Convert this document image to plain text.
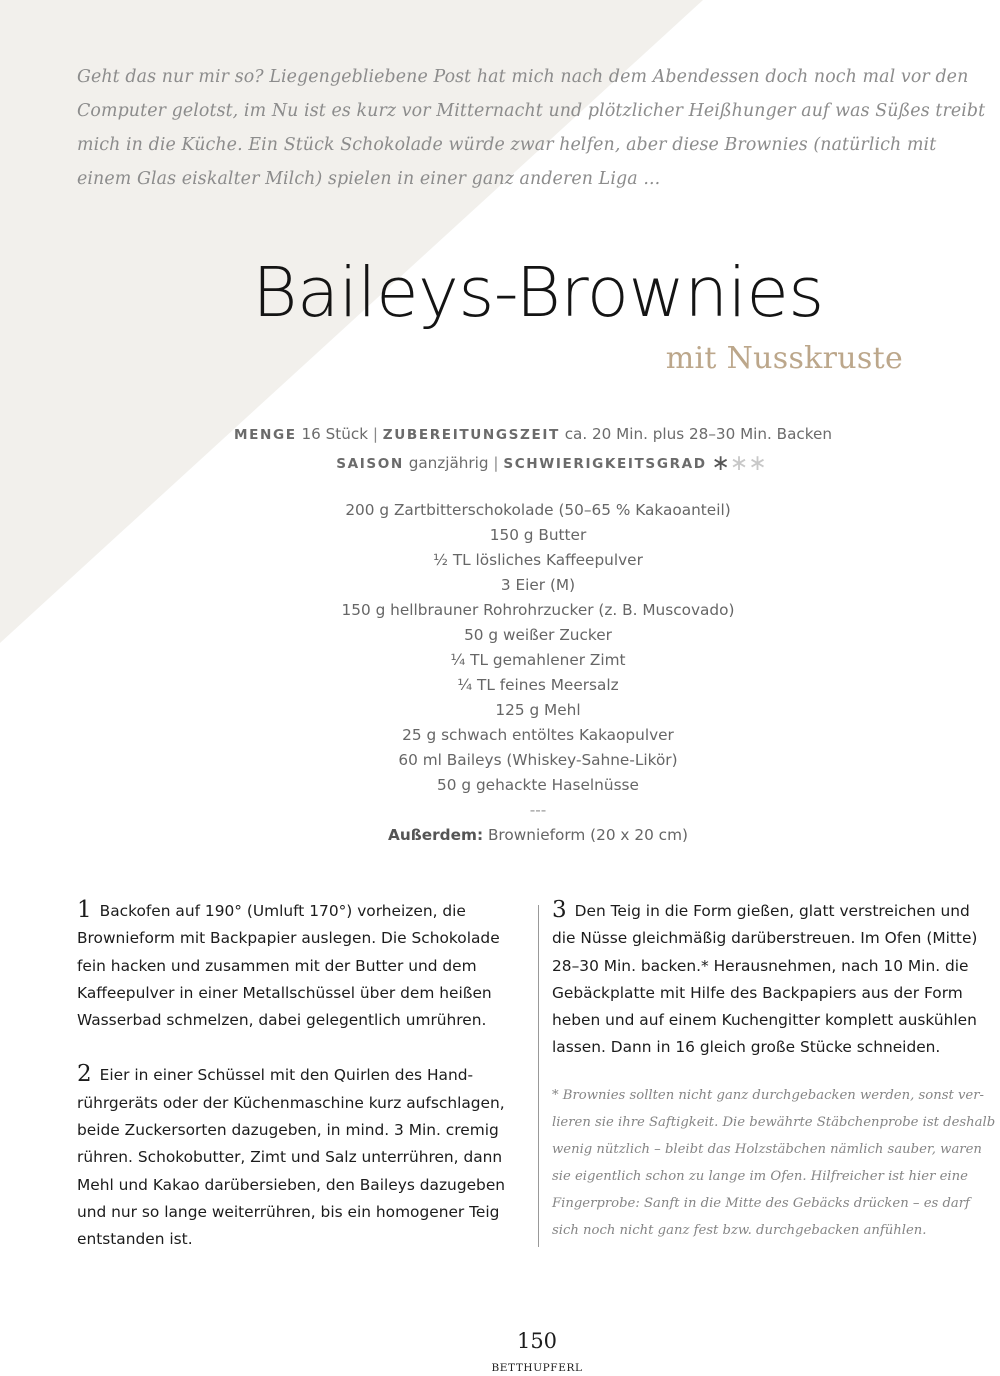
Geht das nur mir so? Liegengebliebene Post hat mich nach dem Abendessen doch noch mal vor den

Computer gelotst, im Nu ist es kurz vor Mitternacht und plötzlicher Heißhunger auf was Süßes treibt

mich in die Küche. Ein Stück Schokolade würde zwar helfen, aber diese Brownies (natürlich mit

einem Glas eiskalter Milch) spielen in einer ganz anderen Liga ...

Baileys-Brownies
mit Nusskruste
MENGE 16 Stück | ZUBEREITUNGSZEIT ca. 20 Min. plus 28–30 Min. Backen
SAISON ganzjährig | SCHWIERIGKEITSGRAD ∗∗∗
200 g Zartbitterschokolade (50–65 % Kakaoanteil)
150 g Butter
½ TL lösliches Kaffeepulver
3 Eier (M)
150 g hellbrauner Rohrohrzucker (z. B. Muscovado)
50 g weißer Zucker
¼ TL gemahlener Zimt
¼ TL feines Meersalz
125 g Mehl
25 g schwach entöltes Kakaopulver
60 ml Baileys (Whiskey-Sahne-Likör)
50 g gehackte Haselnüsse
---
Außerdem: Brownieform (20 x 20 cm)

1 Backofen auf 190° (Umluft 170°) vorheizen, die

Brownieform mit Backpapier auslegen. Die Schokolade

fein hacken und zusammen mit der Butter und dem

Kaffeepulver in einer Metallschüssel über dem heißen

Wasserbad schmelzen, dabei gelegentlich umrühren.

2 Eier in einer Schüssel mit den Quirlen des Hand-

rührgeräts oder der Küchenmaschine kurz aufschlagen,

beide Zuckersorten dazugeben, in mind. 3 Min. cremig

rühren. Schokobutter, Zimt und Salz unterrühren, dann

Mehl und Kakao darübersieben, den Baileys dazugeben

und nur so lange weiterrühren, bis ein homogener Teig

entstanden ist.

3 Den Teig in die Form gießen, glatt verstreichen und

die Nüsse gleichmäßig darüberstreuen. Im Ofen (Mitte)

28–30 Min. backen.* Herausnehmen, nach 10 Min. die

Gebäckplatte mit Hilfe des Backpapiers aus der Form

heben und auf einem Kuchengitter komplett auskühlen

lassen. Dann in 16 gleich große Stücke schneiden.

* Brownies sollten nicht ganz durchgebacken werden, sonst ver-

lieren sie ihre Saftigkeit. Die bewährte Stäbchenprobe ist deshalb

wenig nützlich – bleibt das Holzstäbchen nämlich sauber, waren

sie eigentlich schon zu lange im Ofen. Hilfreicher ist hier eine

Fingerprobe: Sanft in die Mitte des Gebäcks drücken – es darf

sich noch nicht ganz fest bzw. durchgebacken anfühlen.

150
BETTHUPFERL
